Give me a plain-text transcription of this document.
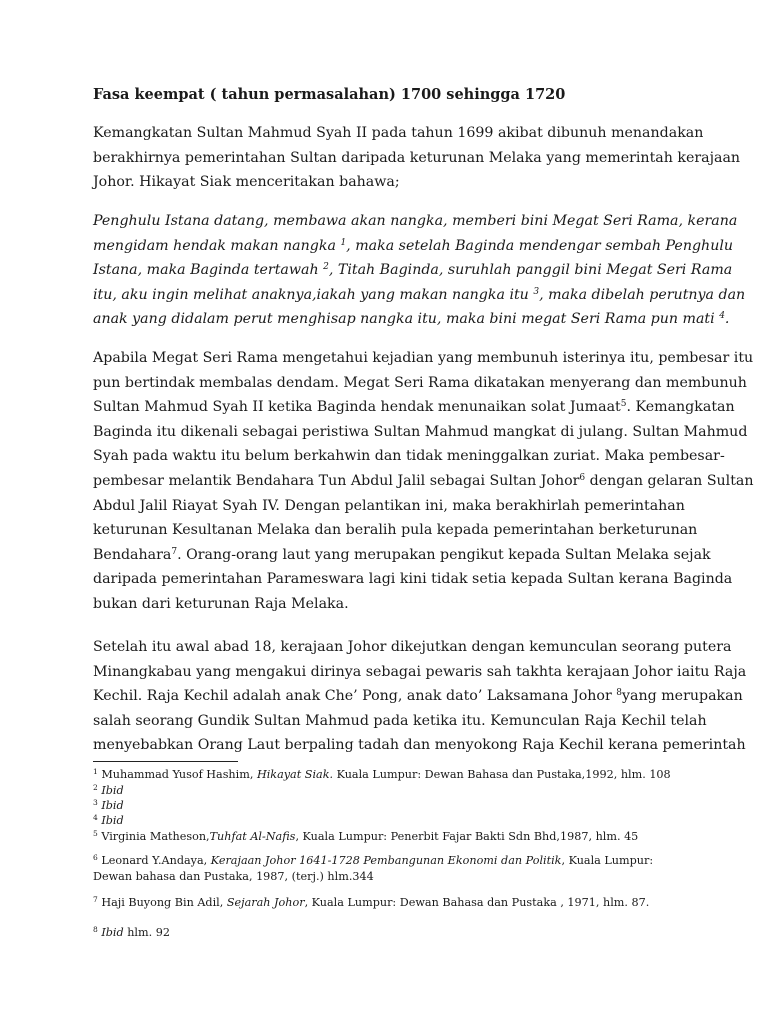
Fasa keempat ( tahun permasalahan) 1700 sehingga 1720

Kemangkatan Sultan Mahmud Syah II pada tahun 1699 akibat dibunuh menandakan
berakhirnya pemerintahan Sultan daripada keturunan Melaka yang memerintah kerajaan
Johor. Hikayat Siak menceritakan bahawa;

Penghulu Istana datang, membawa akan nangka, memberi bini Megat Seri Rama, kerana
mengidam hendak makan nangka $^1$, maka setelah Baginda mendengar sembah Penghulu
Istana, maka Baginda tertawah $^2$, Titah Baginda, suruhlah panggil bini Megat Seri Rama
itu, aku ingin melihat anaknya,iakah yang makan nangka itu $^3$, maka dibelah perutnya dan
anak yang didalam perut menghisap nangka itu, maka bini megat Seri Rama pun mati $^4$.

Apabila Megat Seri Rama mengetahui kejadian yang membunuh isterinya itu, pembesar itu
pun bertindak membalas dendam. Megat Seri Rama dikatakan menyerang dan membunuh
Sultan Mahmud Syah II ketika Baginda hendak menunaikan solat Jumaat$^5$. Kemangkatan
Baginda itu dikenali sebagai peristiwa Sultan Mahmud mangkat di julang. Sultan Mahmud
Syah pada waktu itu belum berkahwin dan tidak meninggalkan zuriat. Maka pembesar-
pembesar melantik Bendahara Tun Abdul Jalil sebagai Sultan Johor$^6$ dengan gelaran Sultan
Abdul Jalil Riayat Syah IV. Dengan pelantikan ini, maka berakhirlah pemerintahan
keturunan Kesultanan Melaka dan beralih pula kepada pemerintahan berketurunan
Bendahara$^7$. Orang-orang laut yang merupakan pengikut kepada Sultan Melaka sejak
daripada pemerintahan Parameswara lagi kini tidak setia kepada Sultan kerana Baginda
bukan dari keturunan Raja Melaka.

Setelah itu awal abad 18, kerajaan Johor dikejutkan dengan kemunculan seorang putera
Minangkabau yang mengakui dirinya sebagai pewaris sah takhta kerajaan Johor iaitu Raja
Kechil. Raja Kechil adalah anak Che’ Pong, anak dato’ Laksamana Johor $^8$yang merupakan
salah seorang Gundik Sultan Mahmud pada ketika itu. Kemunculan Raja Kechil telah
menyebabkan Orang Laut berpaling tadah dan menyokong Raja Kechil kerana pemerintah

$^1$ Muhammad Yusof Hashim, Hikayat Siak. Kuala Lumpur: Dewan Bahasa dan Pustaka,1992, hlm. 108

$^2$ Ibid

$^3$ Ibid

$^4$ Ibid

$^5$ Virginia Matheson,Tuhfat Al-Nafis, Kuala Lumpur: Penerbit Fajar Bakti Sdn Bhd,1987, hlm. 45

$^6$ Leonard Y.Andaya, Kerajaan Johor 1641-1728 Pembangunan Ekonomi dan Politik, Kuala Lumpur:
Dewan bahasa dan Pustaka, 1987, (terj.) hlm.344

$^7$ Haji Buyong Bin Adil, Sejarah Johor, Kuala Lumpur: Dewan Bahasa dan Pustaka , 1971, hlm. 87.

$^8$ Ibid hlm. 92
